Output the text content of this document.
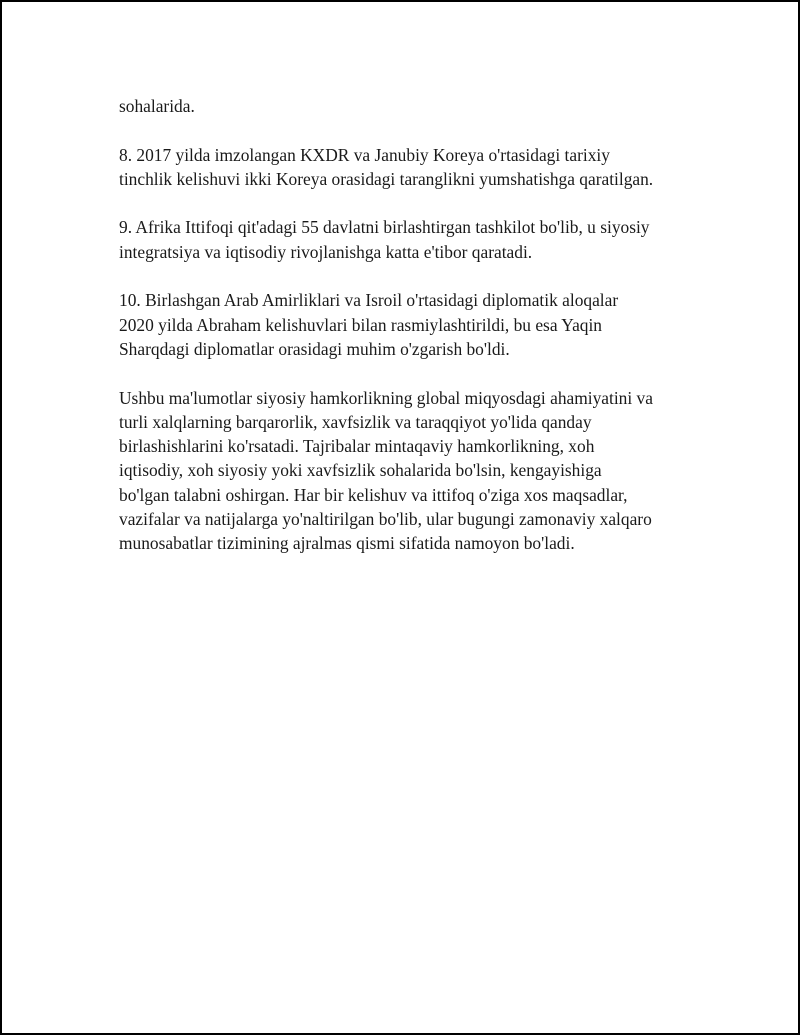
sohalarida.

8. 2017 yilda imzolangan KXDR va Janubiy Koreya o'rtasidagi tarixiy
tinchlik kelishuvi ikki Koreya orasidagi taranglikni yumshatishga qaratilgan.

9. Afrika Ittifoqi qit'adagi 55 davlatni birlashtirgan tashkilot bo'lib, u siyosiy
integratsiya va iqtisodiy rivojlanishga katta e'tibor qaratadi.

10. Birlashgan Arab Amirliklari va Isroil o'rtasidagi diplomatik aloqalar
2020 yilda Abraham kelishuvlari bilan rasmiylashtirildi, bu esa Yaqin
Sharqdagi diplomatlar orasidagi muhim o'zgarish bo'ldi.

Ushbu ma'lumotlar siyosiy hamkorlikning global miqyosdagi ahamiyatini va
turli xalqlarning barqarorlik, xavfsizlik va taraqqiyot yo'lida qanday
birlashishlarini ko'rsatadi. Tajribalar mintaqaviy hamkorlikning, xoh
iqtisodiy, xoh siyosiy yoki xavfsizlik sohalarida bo'lsin, kengayishiga
bo'lgan talabni oshirgan. Har bir kelishuv va ittifoq o'ziga xos maqsadlar,
vazifalar va natijalarga yo'naltirilgan bo'lib, ular bugungi zamonaviy xalqaro
munosabatlar tizimining ajralmas qismi sifatida namoyon bo'ladi.
